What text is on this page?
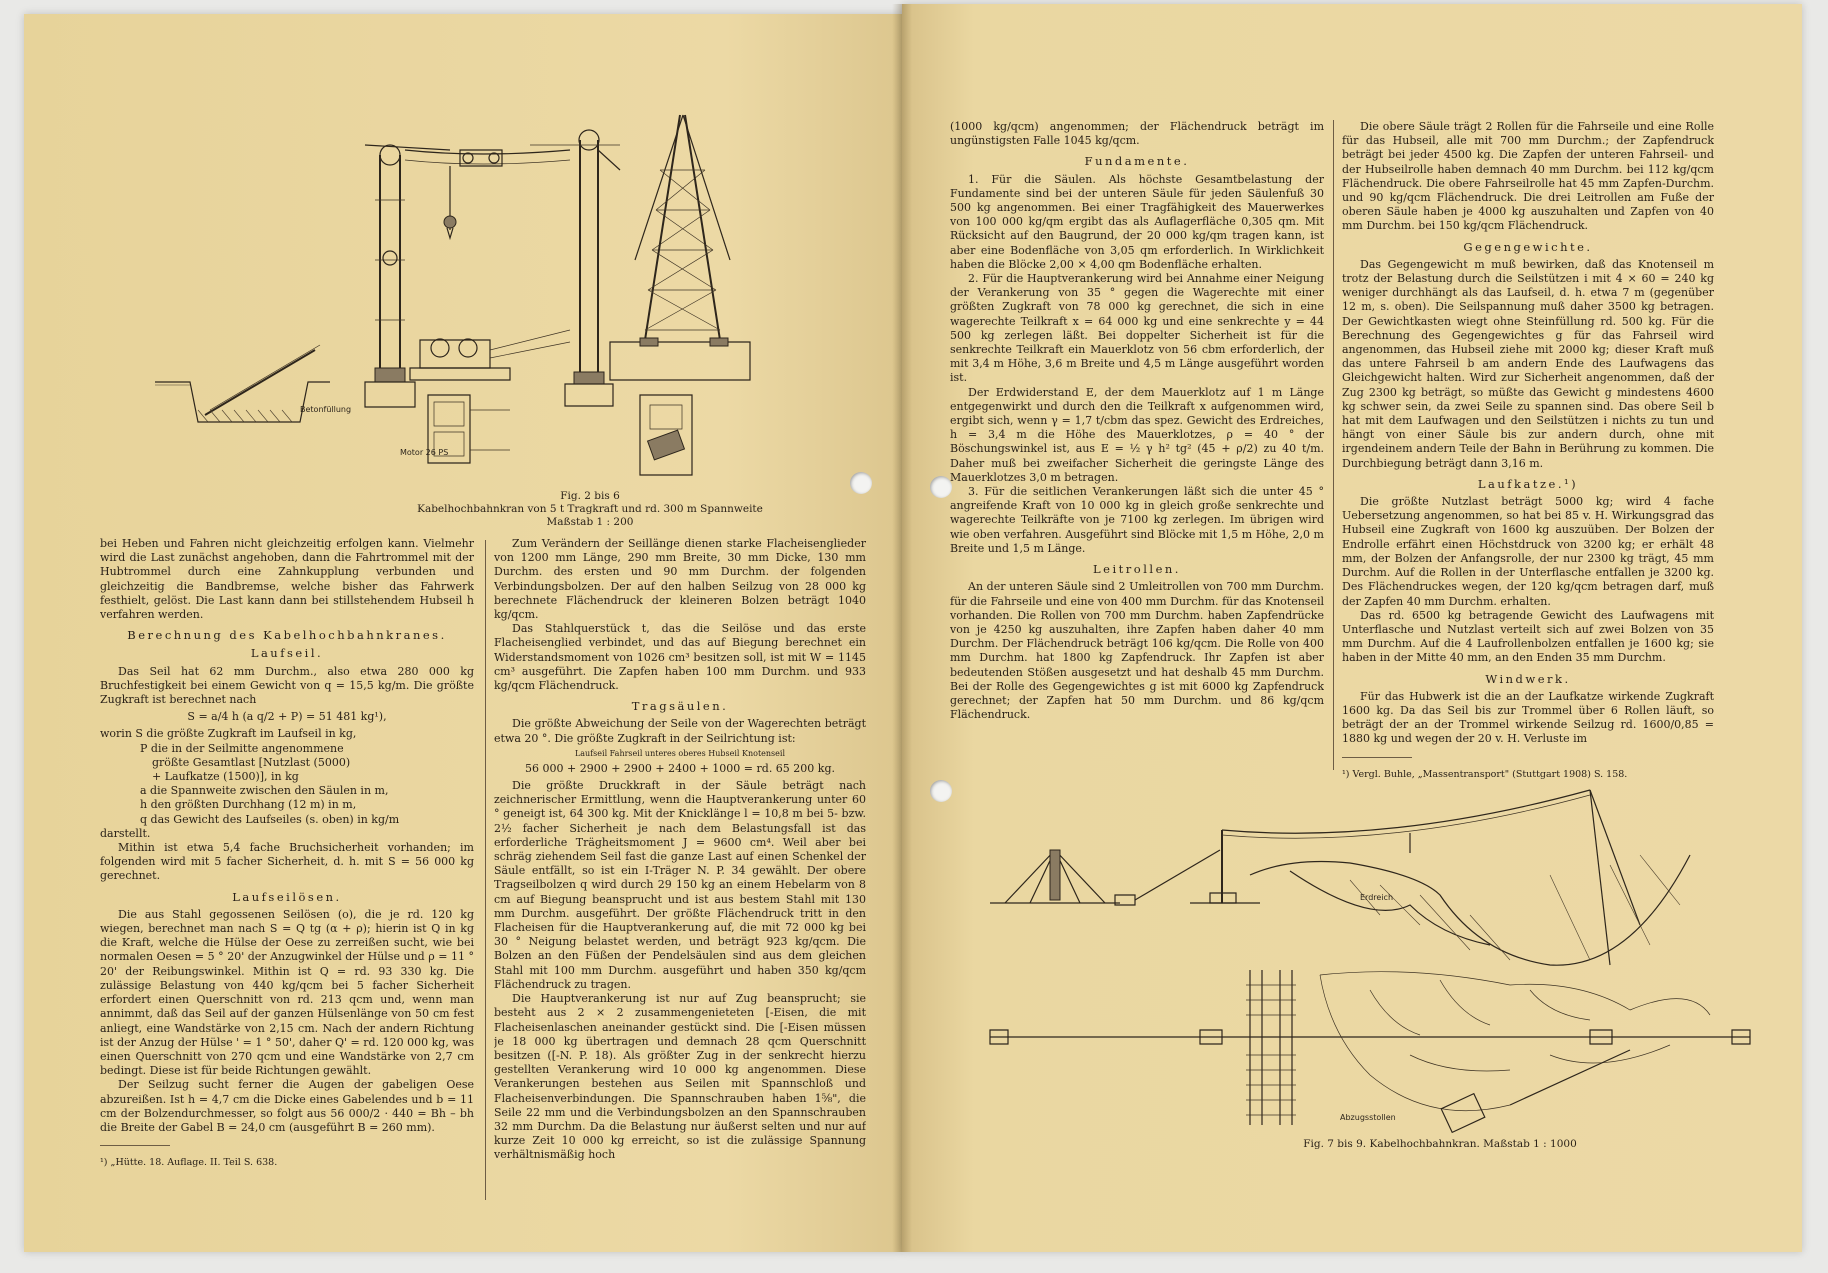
Betonfüllung
Motor 26 PS
Fig. 2 bis 6
Kabelhochbahnkran von 5 t Tragkraft und rd. 300 m Spannweite
Maßstab 1 : 200

bei Heben und Fahren nicht gleichzeitig erfolgen kann. Vielmehr wird die Last zunächst angehoben, dann die Fahrtrommel mit der Hubtrommel durch eine Zahnkupplung verbunden und gleichzeitig die Bandbremse, welche bisher das Fahrwerk festhielt, gelöst. Die Last kann dann bei stillstehendem Hubseil h verfahren werden.

Berechnung des Kabelhochbahnkranes.
Laufseil.

Das Seil hat 62 mm Durchm., also etwa 280 000 kg Bruchfestigkeit bei einem Gewicht von q = 15,5 kg/m. Die größte Zugkraft ist berechnet nach

S = a/4 h (a q/2 + P) = 51 481 kg¹),

worin S die größte Zugkraft im Laufseil in kg,

P die in der Seilmitte angenommene

größte Gesamtlast [Nutzlast (5000)

+ Laufkatze (1500)], in kg

a die Spannweite zwischen den Säulen in m,

h den größten Durchhang (12 m) in m,

q das Gewicht des Laufseiles (s. oben) in kg/m

darstellt.

Mithin ist etwa 5,4 fache Bruchsicherheit vorhanden; im folgenden wird mit 5 facher Sicherheit, d. h. mit S = 56 000 kg gerechnet.

Laufseilösen.

Die aus Stahl gegossenen Seilösen (o), die je rd. 120 kg wiegen, berechnet man nach S = Q tg (α + ρ); hierin ist Q in kg die Kraft, welche die Hülse der Oese zu zerreißen sucht, wie bei normalen Oesen = 5 ° 20' der Anzugwinkel der Hülse und ρ = 11 ° 20' der Reibungswinkel. Mithin ist Q = rd. 93 330 kg. Die zulässige Belastung von 440 kg/qcm bei 5 facher Sicherheit erfordert einen Querschnitt von rd. 213 qcm und, wenn man annimmt, daß das Seil auf der ganzen Hülsenlänge von 50 cm fest anliegt, eine Wandstärke von 2,15 cm. Nach der andern Richtung ist der Anzug der Hülse ' = 1 ° 50', daher Q' = rd. 120 000 kg, was einen Querschnitt von 270 qcm und eine Wandstärke von 2,7 cm bedingt. Diese ist für beide Richtungen gewählt.

Der Seilzug sucht ferner die Augen der gabeligen Oese abzureißen. Ist h = 4,7 cm die Dicke eines Gabelendes und b = 11 cm der Bolzendurchmesser, so folgt aus 56 000/2 · 440 = Bh – bh die Breite der Gabel B = 24,0 cm (ausgeführt B = 260 mm).

¹) „Hütte. 18. Auflage. II. Teil S. 638.

Zum Verändern der Seillänge dienen starke Flacheisenglieder von 1200 mm Länge, 290 mm Breite, 30 mm Dicke, 130 mm Durchm. des ersten und 90 mm Durchm. der folgenden Verbindungsbolzen. Der auf den halben Seilzug von 28 000 kg berechnete Flächendruck der kleineren Bolzen beträgt 1040 kg/qcm.

Das Stahlquerstück t, das die Seilöse und das erste Flacheisenglied verbindet, und das auf Biegung berechnet ein Widerstandsmoment von 1026 cm³ besitzen soll, ist mit W = 1145 cm³ ausgeführt. Die Zapfen haben 100 mm Durchm. und 933 kg/qcm Flächendruck.

Tragsäulen.

Die größte Abweichung der Seile von der Wagerechten beträgt etwa 20 °. Die größte Zugkraft in der Seilrichtung ist:

Laufseil Fahrseil unteres oberes Hubseil Knotenseil
56 000 + 2900 + 2900 + 2400 + 1000 = rd. 65 200 kg.

Die größte Druckkraft in der Säule beträgt nach zeichnerischer Ermittlung, wenn die Hauptverankerung unter 60 ° geneigt ist, 64 300 kg. Mit der Knicklänge l = 10,8 m bei 5- bzw. 2½ facher Sicherheit je nach dem Belastungsfall ist das erforderliche Trägheitsmoment J = 9600 cm⁴. Weil aber bei schräg ziehendem Seil fast die ganze Last auf einen Schenkel der Säule entfällt, so ist ein I-Träger N. P. 34 gewählt. Der obere Tragseilbolzen q wird durch 29 150 kg an einem Hebelarm von 8 cm auf Biegung beansprucht und ist aus bestem Stahl mit 130 mm Durchm. ausgeführt. Der größte Flächendruck tritt in den Flacheisen für die Hauptverankerung auf, die mit 72 000 kg bei 30 ° Neigung belastet werden, und beträgt 923 kg/qcm. Die Bolzen an den Füßen der Pendelsäulen sind aus dem gleichen Stahl mit 100 mm Durchm. ausgeführt und haben 350 kg/qcm Flächendruck zu tragen.

Die Hauptverankerung ist nur auf Zug beansprucht; sie besteht aus 2 × 2 zusammengenieteten [-Eisen, die mit Flacheisenlaschen aneinander gestückt sind. Die [-Eisen müssen je 18 000 kg übertragen und demnach 28 qcm Querschnitt besitzen ([-N. P. 18). Als größter Zug in der senkrecht hierzu gestellten Verankerung wird 10 000 kg angenommen. Diese Verankerungen bestehen aus Seilen mit Spannschloß und Flacheisenverbindungen. Die Spannschrauben haben 1⅝", die Seile 22 mm und die Verbindungsbolzen an den Spannschrauben 32 mm Durchm. Da die Belastung nur äußerst selten und nur auf kurze Zeit 10 000 kg erreicht, so ist die zulässige Spannung verhältnismäßig hoch

(1000 kg/qcm) angenommen; der Flächendruck beträgt im ungünstigsten Falle 1045 kg/qcm.

Fundamente.

1. Für die Säulen. Als höchste Gesamtbelastung der Fundamente sind bei der unteren Säule für jeden Säulenfuß 30 500 kg angenommen. Bei einer Tragfähigkeit des Mauerwerkes von 100 000 kg/qm ergibt das als Auflagerfläche 0,305 qm. Mit Rücksicht auf den Baugrund, der 20 000 kg/qm tragen kann, ist aber eine Bodenfläche von 3,05 qm erforderlich. In Wirklichkeit haben die Blöcke 2,00 × 4,00 qm Bodenfläche erhalten.

2. Für die Hauptverankerung wird bei Annahme einer Neigung der Verankerung von 35 ° gegen die Wagerechte mit einer größten Zugkraft von 78 000 kg gerechnet, die sich in eine wagerechte Teilkraft x = 64 000 kg und eine senkrechte y = 44 500 kg zerlegen läßt. Bei doppelter Sicherheit ist für die senkrechte Teilkraft ein Mauerklotz von 56 cbm erforderlich, der mit 3,4 m Höhe, 3,6 m Breite und 4,5 m Länge ausgeführt worden ist.

Der Erdwiderstand E, der dem Mauerklotz auf 1 m Länge entgegenwirkt und durch den die Teilkraft x aufgenommen wird, ergibt sich, wenn γ = 1,7 t/cbm das spez. Gewicht des Erdreiches, h = 3,4 m die Höhe des Mauerklotzes, ρ = 40 ° der Böschungswinkel ist, aus E = ½ γ h² tg² (45 + ρ/2) zu 40 t/m. Daher muß bei zweifacher Sicherheit die geringste Länge des Mauerklotzes 3,0 m betragen.

3. Für die seitlichen Verankerungen läßt sich die unter 45 ° angreifende Kraft von 10 000 kg in gleich große senkrechte und wagerechte Teilkräfte von je 7100 kg zerlegen. Im übrigen wird wie oben verfahren. Ausgeführt sind Blöcke mit 1,5 m Höhe, 2,0 m Breite und 1,5 m Länge.

Leitrollen.

An der unteren Säule sind 2 Umleitrollen von 700 mm Durchm. für die Fahrseile und eine von 400 mm Durchm. für das Knotenseil vorhanden. Die Rollen von 700 mm Durchm. haben Zapfendrücke von je 4250 kg auszuhalten, ihre Zapfen haben daher 40 mm Durchm. Der Flächendruck beträgt 106 kg/qcm. Die Rolle von 400 mm Durchm. hat 1800 kg Zapfendruck. Ihr Zapfen ist aber bedeutenden Stößen ausgesetzt und hat deshalb 45 mm Durchm. Bei der Rolle des Gegengewichtes g ist mit 6000 kg Zapfendruck gerechnet; der Zapfen hat 50 mm Durchm. und 86 kg/qcm Flächendruck.

Die obere Säule trägt 2 Rollen für die Fahrseile und eine Rolle für das Hubseil, alle mit 700 mm Durchm.; der Zapfendruck beträgt bei jeder 4500 kg. Die Zapfen der unteren Fahrseil- und der Hubseilrolle haben demnach 40 mm Durchm. bei 112 kg/qcm Flächendruck. Die obere Fahrseilrolle hat 45 mm Zapfen-Durchm. und 90 kg/qcm Flächendruck. Die drei Leitrollen am Fuße der oberen Säule haben je 4000 kg auszuhalten und Zapfen von 40 mm Durchm. bei 150 kg/qcm Flächendruck.

Gegengewichte.

Das Gegengewicht m muß bewirken, daß das Knotenseil m trotz der Belastung durch die Seilstützen i mit 4 × 60 = 240 kg weniger durchhängt als das Laufseil, d. h. etwa 7 m (gegenüber 12 m, s. oben). Die Seilspannung muß daher 3500 kg betragen. Der Gewichtkasten wiegt ohne Steinfüllung rd. 500 kg. Für die Berechnung des Gegengewichtes g für das Fahrseil wird angenommen, das Hubseil ziehe mit 2000 kg; dieser Kraft muß das untere Fahrseil b am andern Ende des Laufwagens das Gleichgewicht halten. Wird zur Sicherheit angenommen, daß der Zug 2300 kg beträgt, so müßte das Gewicht g mindestens 4600 kg schwer sein, da zwei Seile zu spannen sind. Das obere Seil b hat mit dem Laufwagen und den Seilstützen i nichts zu tun und hängt von einer Säule bis zur andern durch, ohne mit irgendeinem andern Teile der Bahn in Berührung zu kommen. Die Durchbiegung beträgt dann 3,16 m.

Laufkatze.¹)

Die größte Nutzlast beträgt 5000 kg; wird 4 fache Uebersetzung angenommen, so hat bei 85 v. H. Wirkungsgrad das Hubseil eine Zugkraft von 1600 kg auszuüben. Der Bolzen der Endrolle erfährt einen Höchstdruck von 3200 kg; er erhält 48 mm, der Bolzen der Anfangsrolle, der nur 2300 kg trägt, 45 mm Durchm. Auf die Rollen in der Unterflasche entfallen je 3200 kg. Des Flächendruckes wegen, der 120 kg/qcm betragen darf, muß der Zapfen 40 mm Durchm. erhalten.

Das rd. 6500 kg betragende Gewicht des Laufwagens mit Unterflasche und Nutzlast verteilt sich auf zwei Bolzen von 35 mm Durchm. Auf die 4 Laufrollenbolzen entfallen je 1600 kg; sie haben in der Mitte 40 mm, an den Enden 35 mm Durchm.

Windwerk.

Für das Hubwerk ist die an der Laufkatze wirkende Zugkraft 1600 kg. Da das Seil bis zur Trommel über 6 Rollen läuft, so beträgt der an der Trommel wirkende Seilzug rd. 1600/0,85 = 1880 kg und wegen der 20 v. H. Verluste im

¹) Vergl. Buhle, „Massentransport" (Stuttgart 1908) S. 158.

Erdreich
Abzugsstollen
Fig. 7 bis 9. Kabelhochbahnkran. Maßstab 1 : 1000
